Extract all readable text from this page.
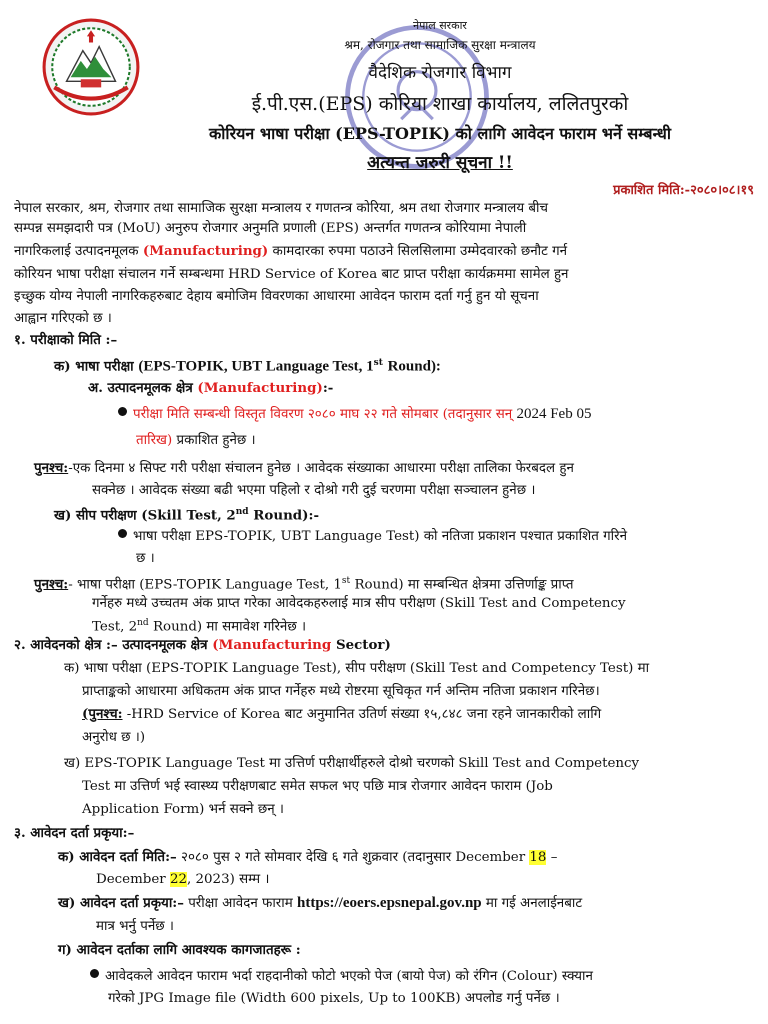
नेपाल सरकार
श्रम, रोजगार तथा सामाजिक सुरक्षा मन्त्रालय
वैदेशिक रोजगार विभाग
ई.पी.एस.(EPS) कोरिया शाखा कार्यालय, ललितपुरको
कोरियन भाषा परीक्षा (EPS-TOPIK) को लागि आवेदन फाराम भर्ने सम्बन्धी
अत्यन्त जरुरी सूचना !!
प्रकाशित मिति:-२०८०।०८।१९
नेपाल सरकार, श्रम, रोजगार तथा सामाजिक सुरक्षा मन्त्रालय र गणतन्त्र कोरिया, श्रम तथा रोजगार मन्त्रालय बीच
सम्पन्न समझदारी पत्र (MoU) अनुरुप रोजगार अनुमति प्रणाली (EPS) अन्तर्गत गणतन्त्र कोरियामा नेपाली
नागरिकलाई उत्पादनमूलक (Manufacturing) कामदारका रुपमा पठाउने सिलसिलामा उम्मेदवारको छनौट गर्न
कोरियन भाषा परीक्षा संचालन गर्ने सम्बन्धमा HRD Service of Korea बाट प्राप्त परीक्षा कार्यक्रममा सामेल हुन
इच्छुक योग्य नेपाली नागरिकहरुबाट देहाय बमोजिम विवरणका आधारमा आवेदन फाराम दर्ता गर्नु हुन यो सूचना
आह्वान गरिएको छ ।
१. परीक्षाको मिति :–
क) भाषा परीक्षा (EPS-TOPIK, UBT Language Test, 1st Round):
अ. उत्पादनमूलक क्षेत्र (Manufacturing):-
परीक्षा मिति सम्बन्धी विस्तृत विवरण २०८० माघ २२ गते सोमबार (तदानुसार सन् 2024 Feb 05
तारिख) प्रकाशित हुनेछ ।
पुनश्च:-एक दिनमा ४ सिफ्ट गरी परीक्षा संचालन हुनेछ । आवेदक संख्याका आधारमा परीक्षा तालिका फेरबदल हुन
सक्नेछ । आवेदक संख्या बढी भएमा पहिलो र दोश्रो गरी दुई चरणमा परीक्षा सञ्चालन हुनेछ ।
ख) सीप परीक्षण (Skill Test, 2nd Round):-
भाषा परीक्षा EPS-TOPIK, UBT Language Test) को नतिजा प्रकाशन पश्चात प्रकाशित गरिने
छ ।
पुनश्च:- भाषा परीक्षा (EPS-TOPIK Language Test, 1st Round) मा सम्बन्धित क्षेत्रमा उत्तिर्णाङ्क प्राप्त
गर्नेहरु मध्ये उच्चतम अंक प्राप्त गरेका आवेदकहरुलाई मात्र सीप परीक्षण (Skill Test and Competency
Test, 2nd Round) मा समावेश गरिनेछ ।
२. आवेदनको क्षेत्र :– उत्पादनमूलक क्षेत्र (Manufacturing Sector)
क) भाषा परीक्षा (EPS-TOPIK Language Test), सीप परीक्षण (Skill Test and Competency Test) मा
प्राप्ताङ्कको आधारमा अधिकतम अंक प्राप्त गर्नेहरु मध्ये रोष्टरमा सूचिकृत गर्न अन्तिम नतिजा प्रकाशन गरिनेछ।
(पुनश्च: -HRD Service of Korea बाट अनुमानित उतिर्ण संख्या १५,८४८ जना रहने जानकारीको लागि
अनुरोध छ ।)
ख) EPS-TOPIK Language Test मा उत्तिर्ण परीक्षार्थीहरुले दोश्रो चरणको Skill Test and Competency
Test मा उत्तिर्ण भई स्वास्थ्य परीक्षणबाट समेत सफल भए पछि मात्र रोजगार आवेदन फाराम (Job
Application Form) भर्न सक्ने छन् ।
३. आवेदन दर्ता प्रकृया:–
क) आवेदन दर्ता मिति:– २०८० पुस २ गते सोमवार देखि ६ गते शुक्रवार (तदानुसार December 18 –
December 22, 2023) सम्म ।
ख) आवेदन दर्ता प्रकृया:– परीक्षा आवेदन फाराम https://eoers.epsnepal.gov.np मा गई अनलाईनबाट
मात्र भर्नु पर्नेछ ।
ग) आवेदन दर्ताका लागि आवश्यक कागजातहरू :
आवेदकले आवेदन फाराम भर्दा राहदानीको फोटो भएको पेज (बायो पेज) को रंगिन (Colour) स्क्यान
गरेको JPG Image file (Width 600 pixels, Up to 100KB) अपलोड गर्नु पर्नेछ ।
